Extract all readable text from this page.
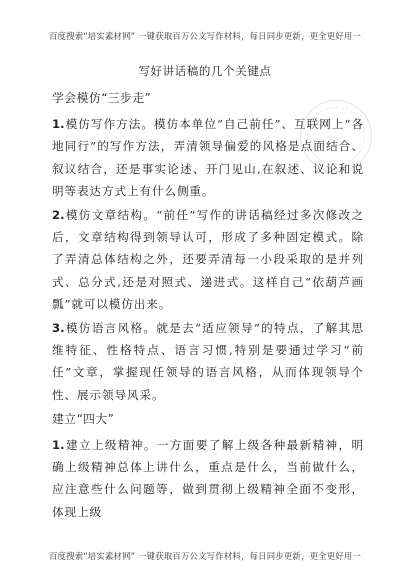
百度搜索“培实素材网” 一键获取百万公文写作材料，每日同步更新，更全更好用一
写好讲话稿的几个关键点
学会模仿“三步走”

1.模仿写作方法。模仿本单位“自己前任”、互联网上“各地同行”的写作方法，弄清领导偏爱的风格是点面结合、叙议结合，还是事实论述、开门见山,在叙述、议论和说明等表达方式上有什么侧重。

2.模仿文章结构。“前任”写作的讲话稿经过多次修改之后，文章结构得到领导认可，形成了多种固定模式。除了弄清总体结构之外，还要弄清每一小段采取的是并列式、总分式,还是对照式、递进式。这样自己“依葫芦画瓢”就可以模仿出来。

3.模仿语言风格。就是去“适应领导”的特点，了解其思维特征、性格特点、语言习惯,特别是要通过学习“前任”文章，掌握现任领导的语言风格，从而体现领导个性、展示领导风采。

建立“四大”

1.建立上级精神。一方面要了解上级各种最新精神，明确上级精神总体上讲什么，重点是什么，当前做什么，应注意些什么问题等，做到贯彻上级精神全面不变形，体现上级

百度搜索“培实素材网” 一键获取百万公文写作材料，每日同步更新，更全更好用一
